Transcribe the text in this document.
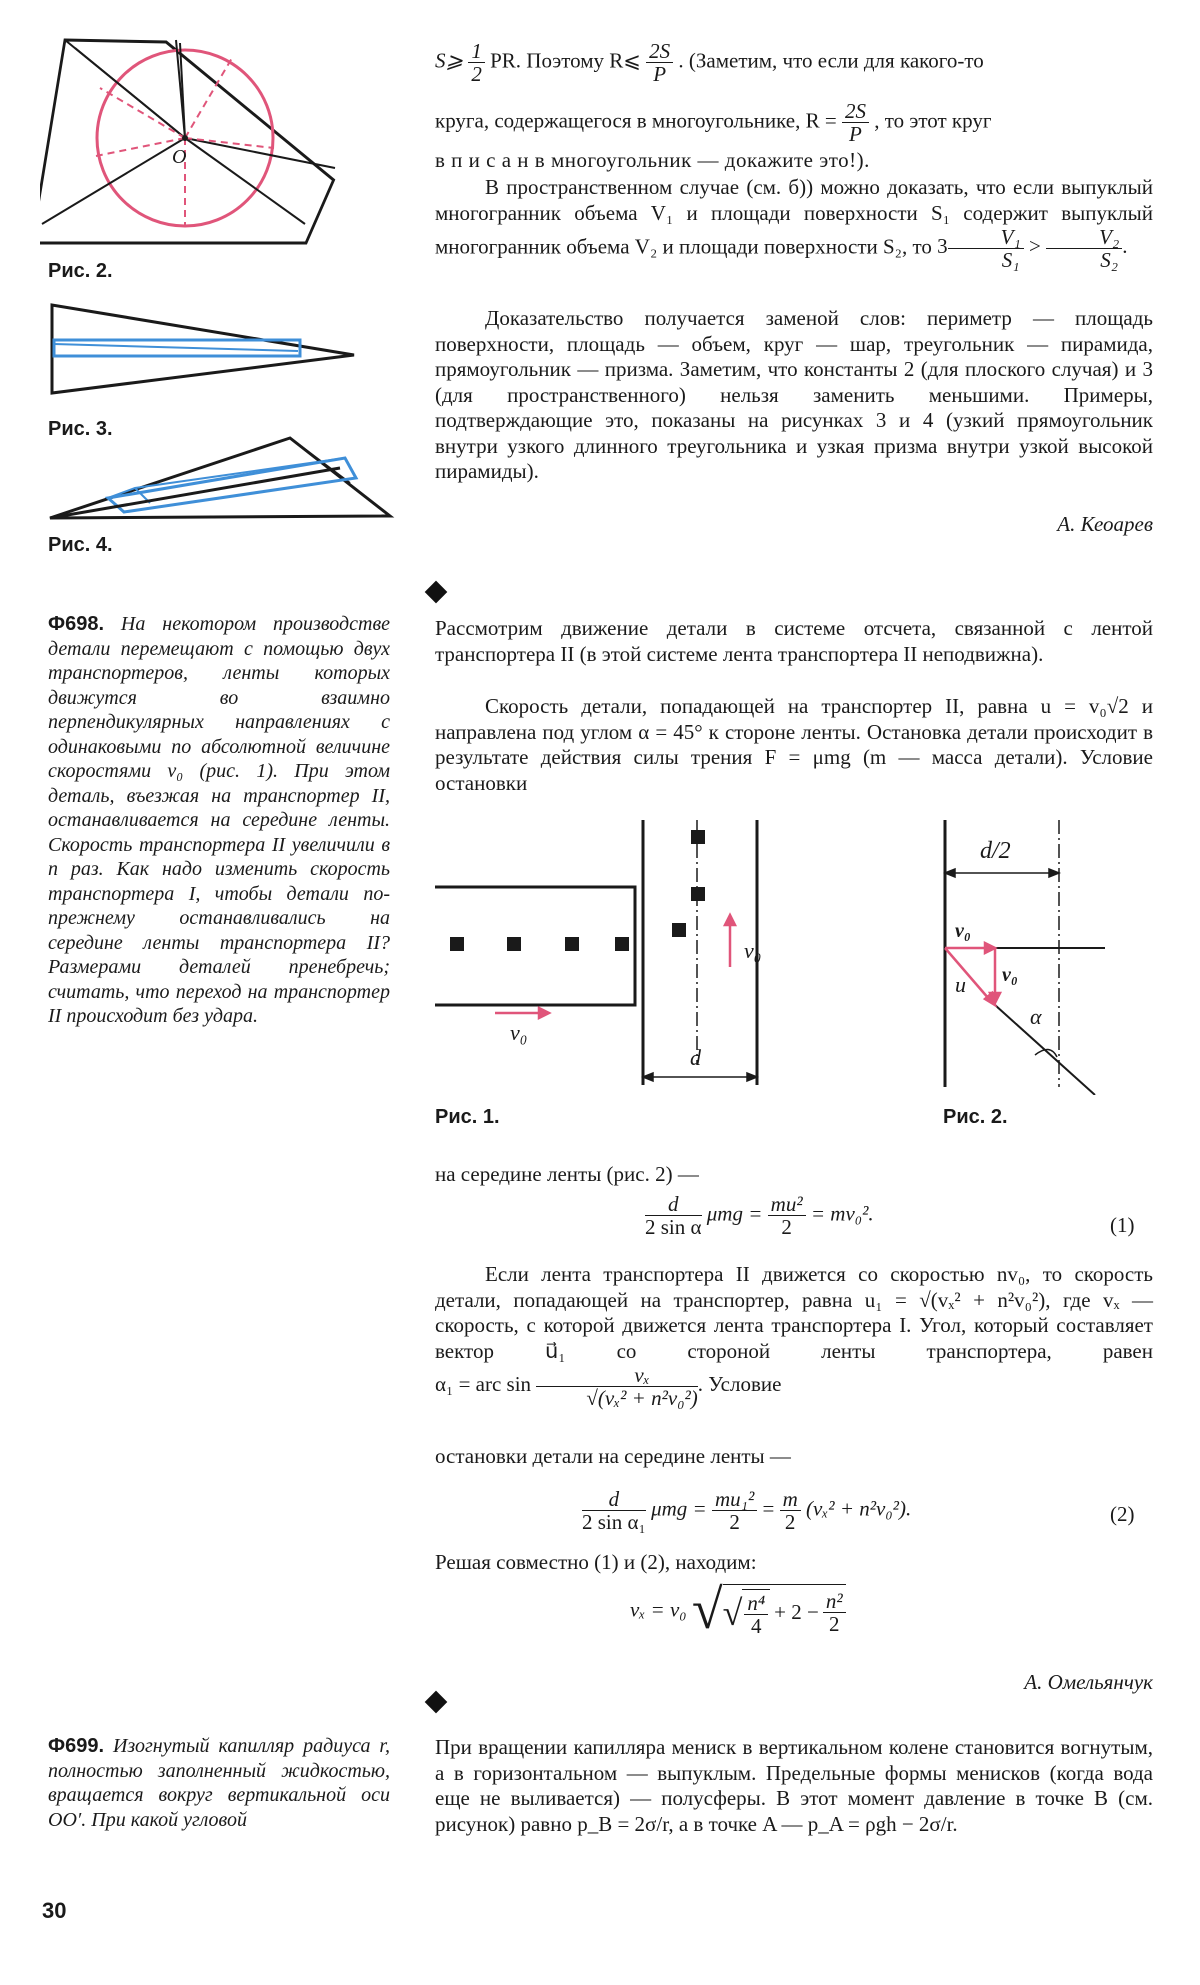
O
Рис. 2.
Рис. 3.
Рис. 4.
S⩾ $\frac{1}{2}$ PR. Поэтому R⩽ $\frac{2S}{P}$ . (Заметим, что если для какого-то
круга, содержащегося в многоугольнике, $R = \frac{2S}{P}$ , то этот круг
в п и с а н в многоугольник — докажите это!).

В пространственном случае (см. б)) можно доказать, что если выпуклый многогранник объема V₁ и площади поверхности S₁ содержит выпуклый многогранник объема V₂ и площади поверхности S₂, то $3 \frac{\text{V₁}}{\text{S₁}} > \frac{\text{V₂}}{\text{S₂}}$ .

Доказательство получается заменой слов: периметр — площадь поверхности, площадь — объем, круг — шар, треугольник — пирамида, прямоугольник — призма. Заметим, что константы 2 (для плоского случая) и 3 (для пространственного) нельзя заменить меньшими. Примеры, подтверждающие это, показаны на рисунках 3 и 4 (узкий прямоугольник внутри узкого длинного треугольника и узкая призма внутри узкой высокой пирамиды).

А. Кеоарев
Ф698. На некотором производстве детали перемещают с помощью двух транспортеров, ленты которых движутся во взаимно перпендикулярных направлениях с одинаковыми по абсолютной величине скоростями v₀ (рис. 1). При этом деталь, въезжая на транспортер II, останавливается на середине ленты. Скорость транспортера II увеличили в n раз. Как надо изменить скорость транспортера I, чтобы детали по-прежнему останавливались на середине ленты транспортера II? Размерами деталей пренебречь; считать, что переход на транспортер II происходит без удара.

Рассмотрим движение детали в системе отсчета, связанной с лентой транспортера II (в этой системе лента транспортера II неподвижна).

Скорость детали, попадающей на транспортер II, равна u = v₀√2 и направлена под углом α = 45° к стороне ленты. Остановка детали происходит в результате действия силы трения F = μmg (m — масса детали). Условие остановки

v₀
v₀
d
Рис. 1.
d/2
v₀
v₀
u
α
Рис. 2.
на середине ленты (рис. 2) —
$\frac{d}{\text{2 sin α}}$ $\mu mg = \frac{\text{mu²}}{2} = mv_0^2$.	(1)

Если лента транспортера II движется со скоростью nv₀, то скорость детали, попадающей на транспортер, равна u₁ = √(vₓ² + n²v₀²), где vₓ — скорость, с которой движется лента транспортера I. Угол, который составляет вектор u⃗₁ со стороной ленты транспортера, равен α₁ = arc $\sin \frac{\text{vₓ}}{\text{√(vₓ² + n²v₀²)}}$ . Условие

остановки детали на середине ленты —
$\frac{d}{\text{2 sin α₁}}$ $\mu mg = \frac{\text{mu₁²}}{2} = \frac{m}{2} (v_x^2 + n^2v_0^2)$.	(2)
Решая совместно (1) и (2), находим:
vₓ = v₀ √√ $\frac{\text{n⁴}}{4} + 2 - \frac{\text{n²}}{2}$
А. Омельянчук
Ф699. Изогнутый капилляр радиуса r, полностью заполненный жидкостью, вращается вокруг вертикальной оси OO′. При какой угловой

При вращении капилляра мениск в вертикальном колене становится вогнутым, а в горизонтальном — выпуклым. Предельные формы менисков (когда вода еще не выливается) — полусферы. В этот момент давление в точке B (см. рисунок) равно p_B = 2σ/r, а в точке A — p_A = ρgh − 2σ/r.

30
